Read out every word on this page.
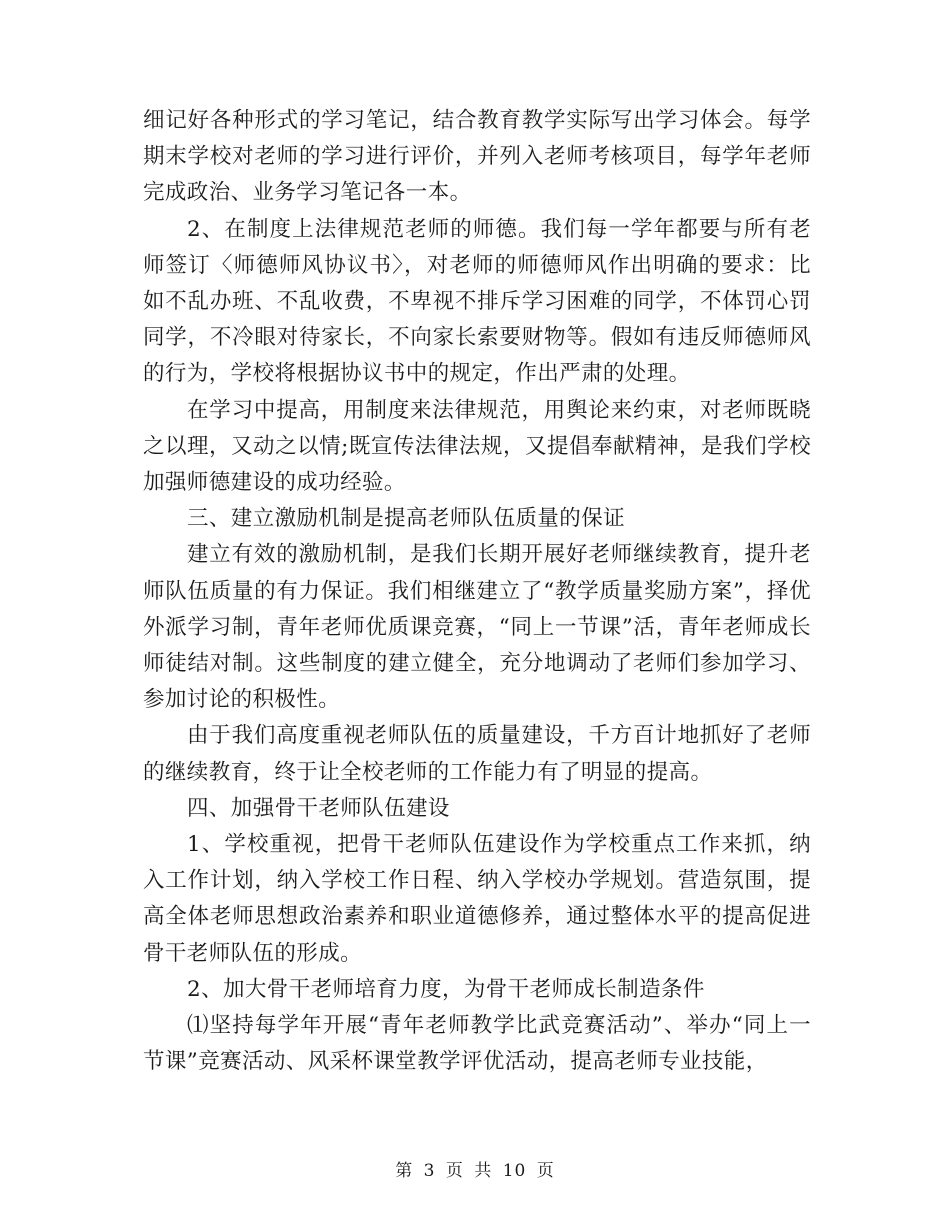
细记好各种形式的学习笔记，结合教育教学实际写出学习体会。每学期末学校对老师的学习进行评价，并列入老师考核项目，每学年老师完成政治、业务学习笔记各一本。

2、在制度上法律规范老师的师德。我们每一学年都要与所有老师签订〈师德师风协议书〉，对老师的师德师风作出明确的要求：比如不乱办班、不乱收费，不卑视不排斥学习困难的同学，不体罚心罚同学，不冷眼对待家长，不向家长索要财物等。假如有违反师德师风的行为，学校将根据协议书中的规定，作出严肃的处理。

在学习中提高，用制度来法律规范，用舆论来约束，对老师既晓之以理，又动之以情;既宣传法律法规，又提倡奉献精神，是我们学校加强师德建设的成功经验。

三、建立激励机制是提高老师队伍质量的保证

建立有效的激励机制，是我们长期开展好老师继续教育，提升老师队伍质量的有力保证。我们相继建立了“教学质量奖励方案”，择优外派学习制，青年老师优质课竞赛，“同上一节课”活，青年老师成长师徒结对制。这些制度的建立健全，充分地调动了老师们参加学习、参加讨论的积极性。

由于我们高度重视老师队伍的质量建设，千方百计地抓好了老师的继续教育，终于让全校老师的工作能力有了明显的提高。

四、加强骨干老师队伍建设

1、学校重视，把骨干老师队伍建设作为学校重点工作来抓，纳入工作计划，纳入学校工作日程、纳入学校办学规划。营造氛围，提高全体老师思想政治素养和职业道德修养，通过整体水平的提高促进骨干老师队伍的形成。

2、加大骨干老师培育力度，为骨干老师成长制造条件

⑴坚持每学年开展“青年老师教学比武竞赛活动”、举办“同上一节课”竞赛活动、风采杯课堂教学评优活动，提高老师专业技能，

第 3 页 共 10 页
